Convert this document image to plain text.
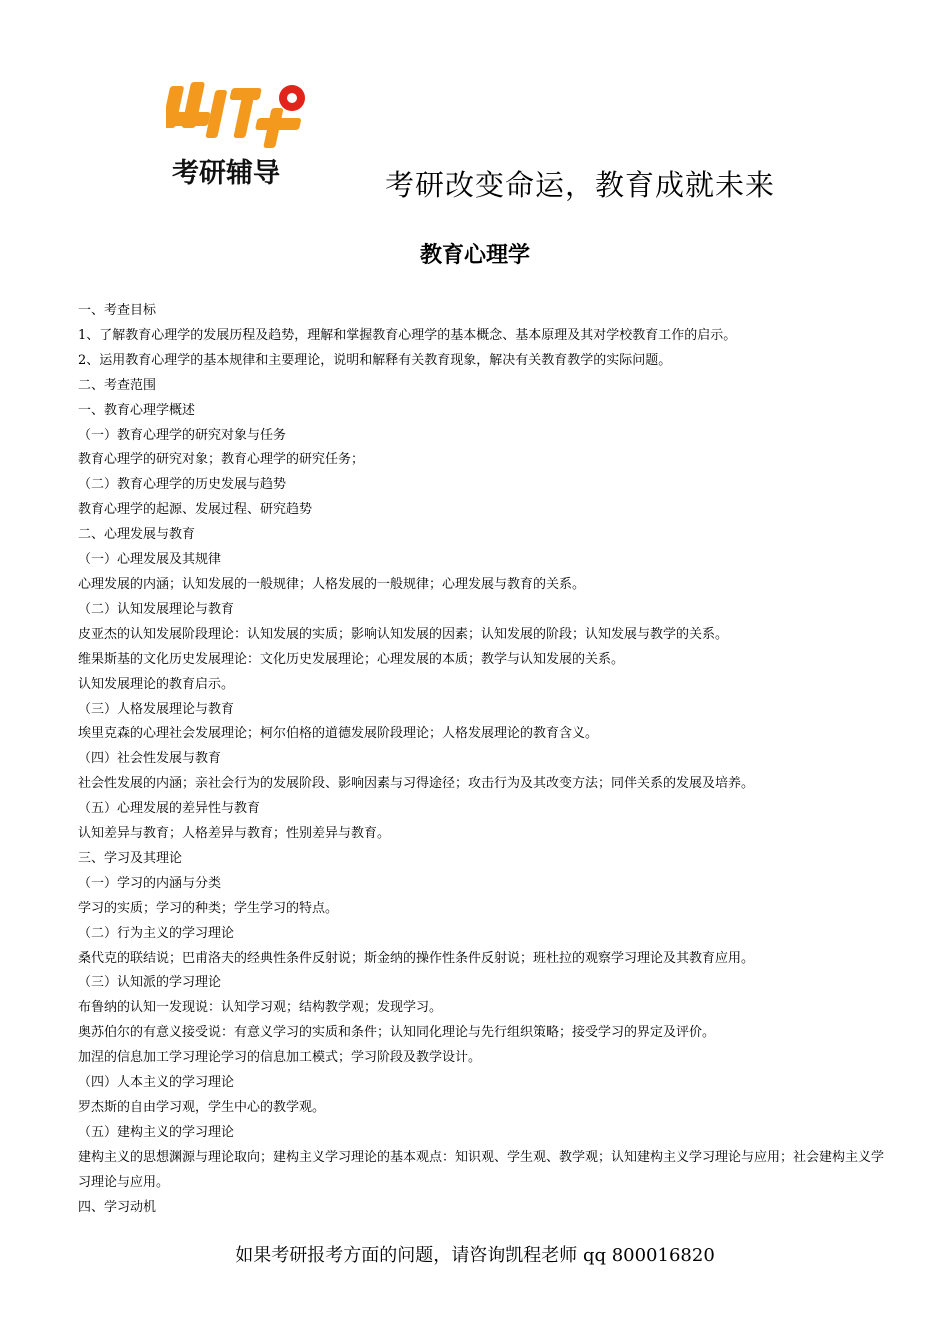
考研辅导
凯程
考研改变命运，教育成就未来
教育心理学

一、考查目标

1、了解教育心理学的发展历程及趋势，理解和掌握教育心理学的基本概念、基本原理及其对学校教育工作的启示。

2、运用教育心理学的基本规律和主要理论，说明和解释有关教育现象，解决有关教育教学的实际问题。

二、考查范围

一、教育心理学概述

（一）教育心理学的研究对象与任务

教育心理学的研究对象；教育心理学的研究任务；

（二）教育心理学的历史发展与趋势

教育心理学的起源、发展过程、研究趋势

二、心理发展与教育

（一）心理发展及其规律

心理发展的内涵；认知发展的一般规律；人格发展的一般规律；心理发展与教育的关系。

（二）认知发展理论与教育

皮亚杰的认知发展阶段理论：认知发展的实质；影响认知发展的因素；认知发展的阶段；认知发展与教学的关系。

维果斯基的文化历史发展理论：文化历史发展理论；心理发展的本质；教学与认知发展的关系。

认知发展理论的教育启示。

（三）人格发展理论与教育

埃里克森的心理社会发展理论；柯尔伯格的道德发展阶段理论；人格发展理论的教育含义。

（四）社会性发展与教育

社会性发展的内涵；亲社会行为的发展阶段、影响因素与习得途径；攻击行为及其改变方法；同伴关系的发展及培养。

（五）心理发展的差异性与教育

认知差异与教育；人格差异与教育；性别差异与教育。

三、学习及其理论

（一）学习的内涵与分类

学习的实质；学习的种类；学生学习的特点。

（二）行为主义的学习理论

桑代克的联结说；巴甫洛夫的经典性条件反射说；斯金纳的操作性条件反射说；班杜拉的观察学习理论及其教育应用。

（三）认知派的学习理论

布鲁纳的认知一发现说：认知学习观；结构教学观；发现学习。

奥苏伯尔的有意义接受说：有意义学习的实质和条件；认知同化理论与先行组织策略；接受学习的界定及评价。

加涅的信息加工学习理论学习的信息加工模式；学习阶段及教学设计。

（四）人本主义的学习理论

罗杰斯的自由学习观，学生中心的教学观。

（五）建构主义的学习理论

建构主义的思想渊源与理论取向；建构主义学习理论的基本观点：知识观、学生观、教学观；认知建构主义学习理论与应用；社会建构主义学习理论与应用。

四、学习动机

如果考研报考方面的问题，请咨询凯程老师 qq 800016820
